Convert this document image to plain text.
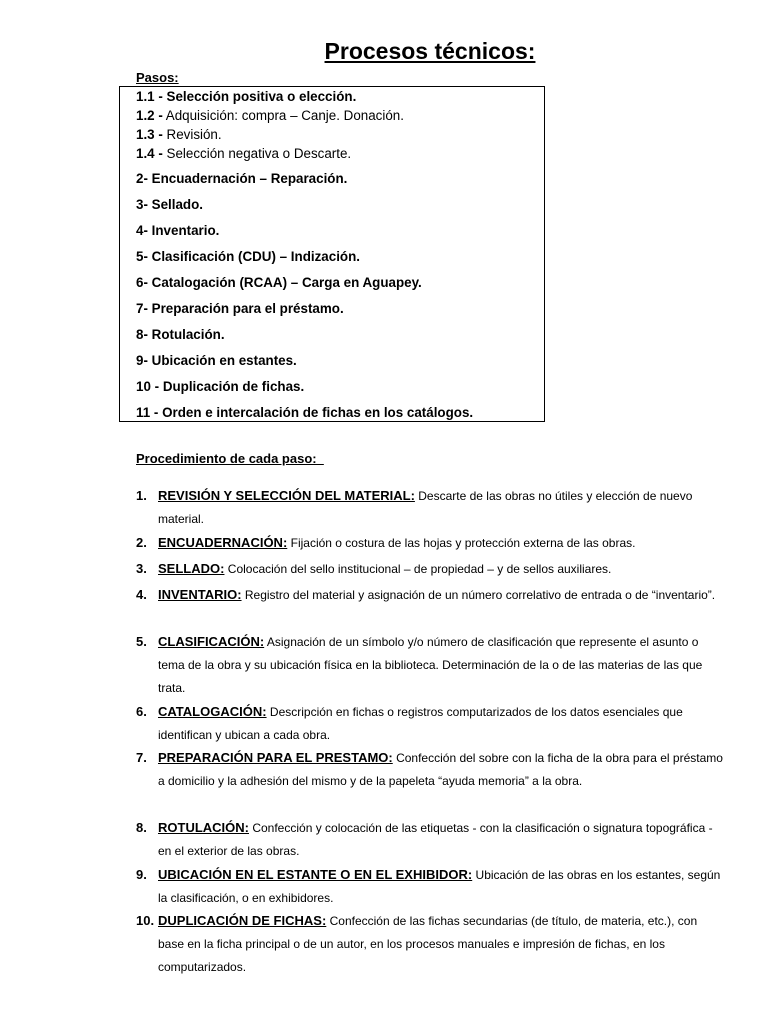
Procesos técnicos:
Pasos:
1.1 - Selección positiva o elección.
1.2 - Adquisición: compra – Canje. Donación.
1.3 - Revisión.
1.4 - Selección negativa o Descarte.
2- Encuadernación – Reparación.
3- Sellado.
4- Inventario.
5- Clasificación (CDU) – Indización.
6- Catalogación (RCAA) – Carga en Aguapey.
7- Preparación para el préstamo.
8- Rotulación.
9- Ubicación en estantes.
10 - Duplicación de fichas.
11 - Orden e intercalación de fichas en los catálogos.
Procedimiento de cada paso:
1. REVISIÓN Y SELECCIÓN DEL MATERIAL: Descarte de las obras no útiles y elección de nuevo material.
2. ENCUADERNACIÓN: Fijación o costura de las hojas y protección externa de las obras.
3. SELLADO: Colocación del sello institucional – de propiedad – y de sellos auxiliares.
4. INVENTARIO: Registro del material y asignación de un número correlativo de entrada o de “inventario”.
5. CLASIFICACIÓN: Asignación de un símbolo y/o número de clasificación que represente el asunto o tema de la obra y su ubicación física en la biblioteca. Determinación de la o de las materias de las que trata.
6. CATALOGACIÓN: Descripción en fichas o registros computarizados de los datos esenciales que identifican y ubican a cada obra.
7. PREPARACIÓN PARA EL PRESTAMO: Confección del sobre con la ficha de la obra para el préstamo a domicilio y la adhesión del mismo y de la papeleta “ayuda memoria” a la obra.
8. ROTULACIÓN: Confección y colocación de las etiquetas - con la clasificación o signatura topográfica - en el exterior de las obras.
9. UBICACIÓN EN EL ESTANTE O EN EL EXHIBIDOR: Ubicación de las obras en los estantes, según la clasificación, o en exhibidores.
10. DUPLICACIÓN DE FICHAS: Confección de las fichas secundarias (de título, de materia, etc.), con base en la ficha principal o de un autor, en los procesos manuales e impresión de fichas, en los computarizados.
